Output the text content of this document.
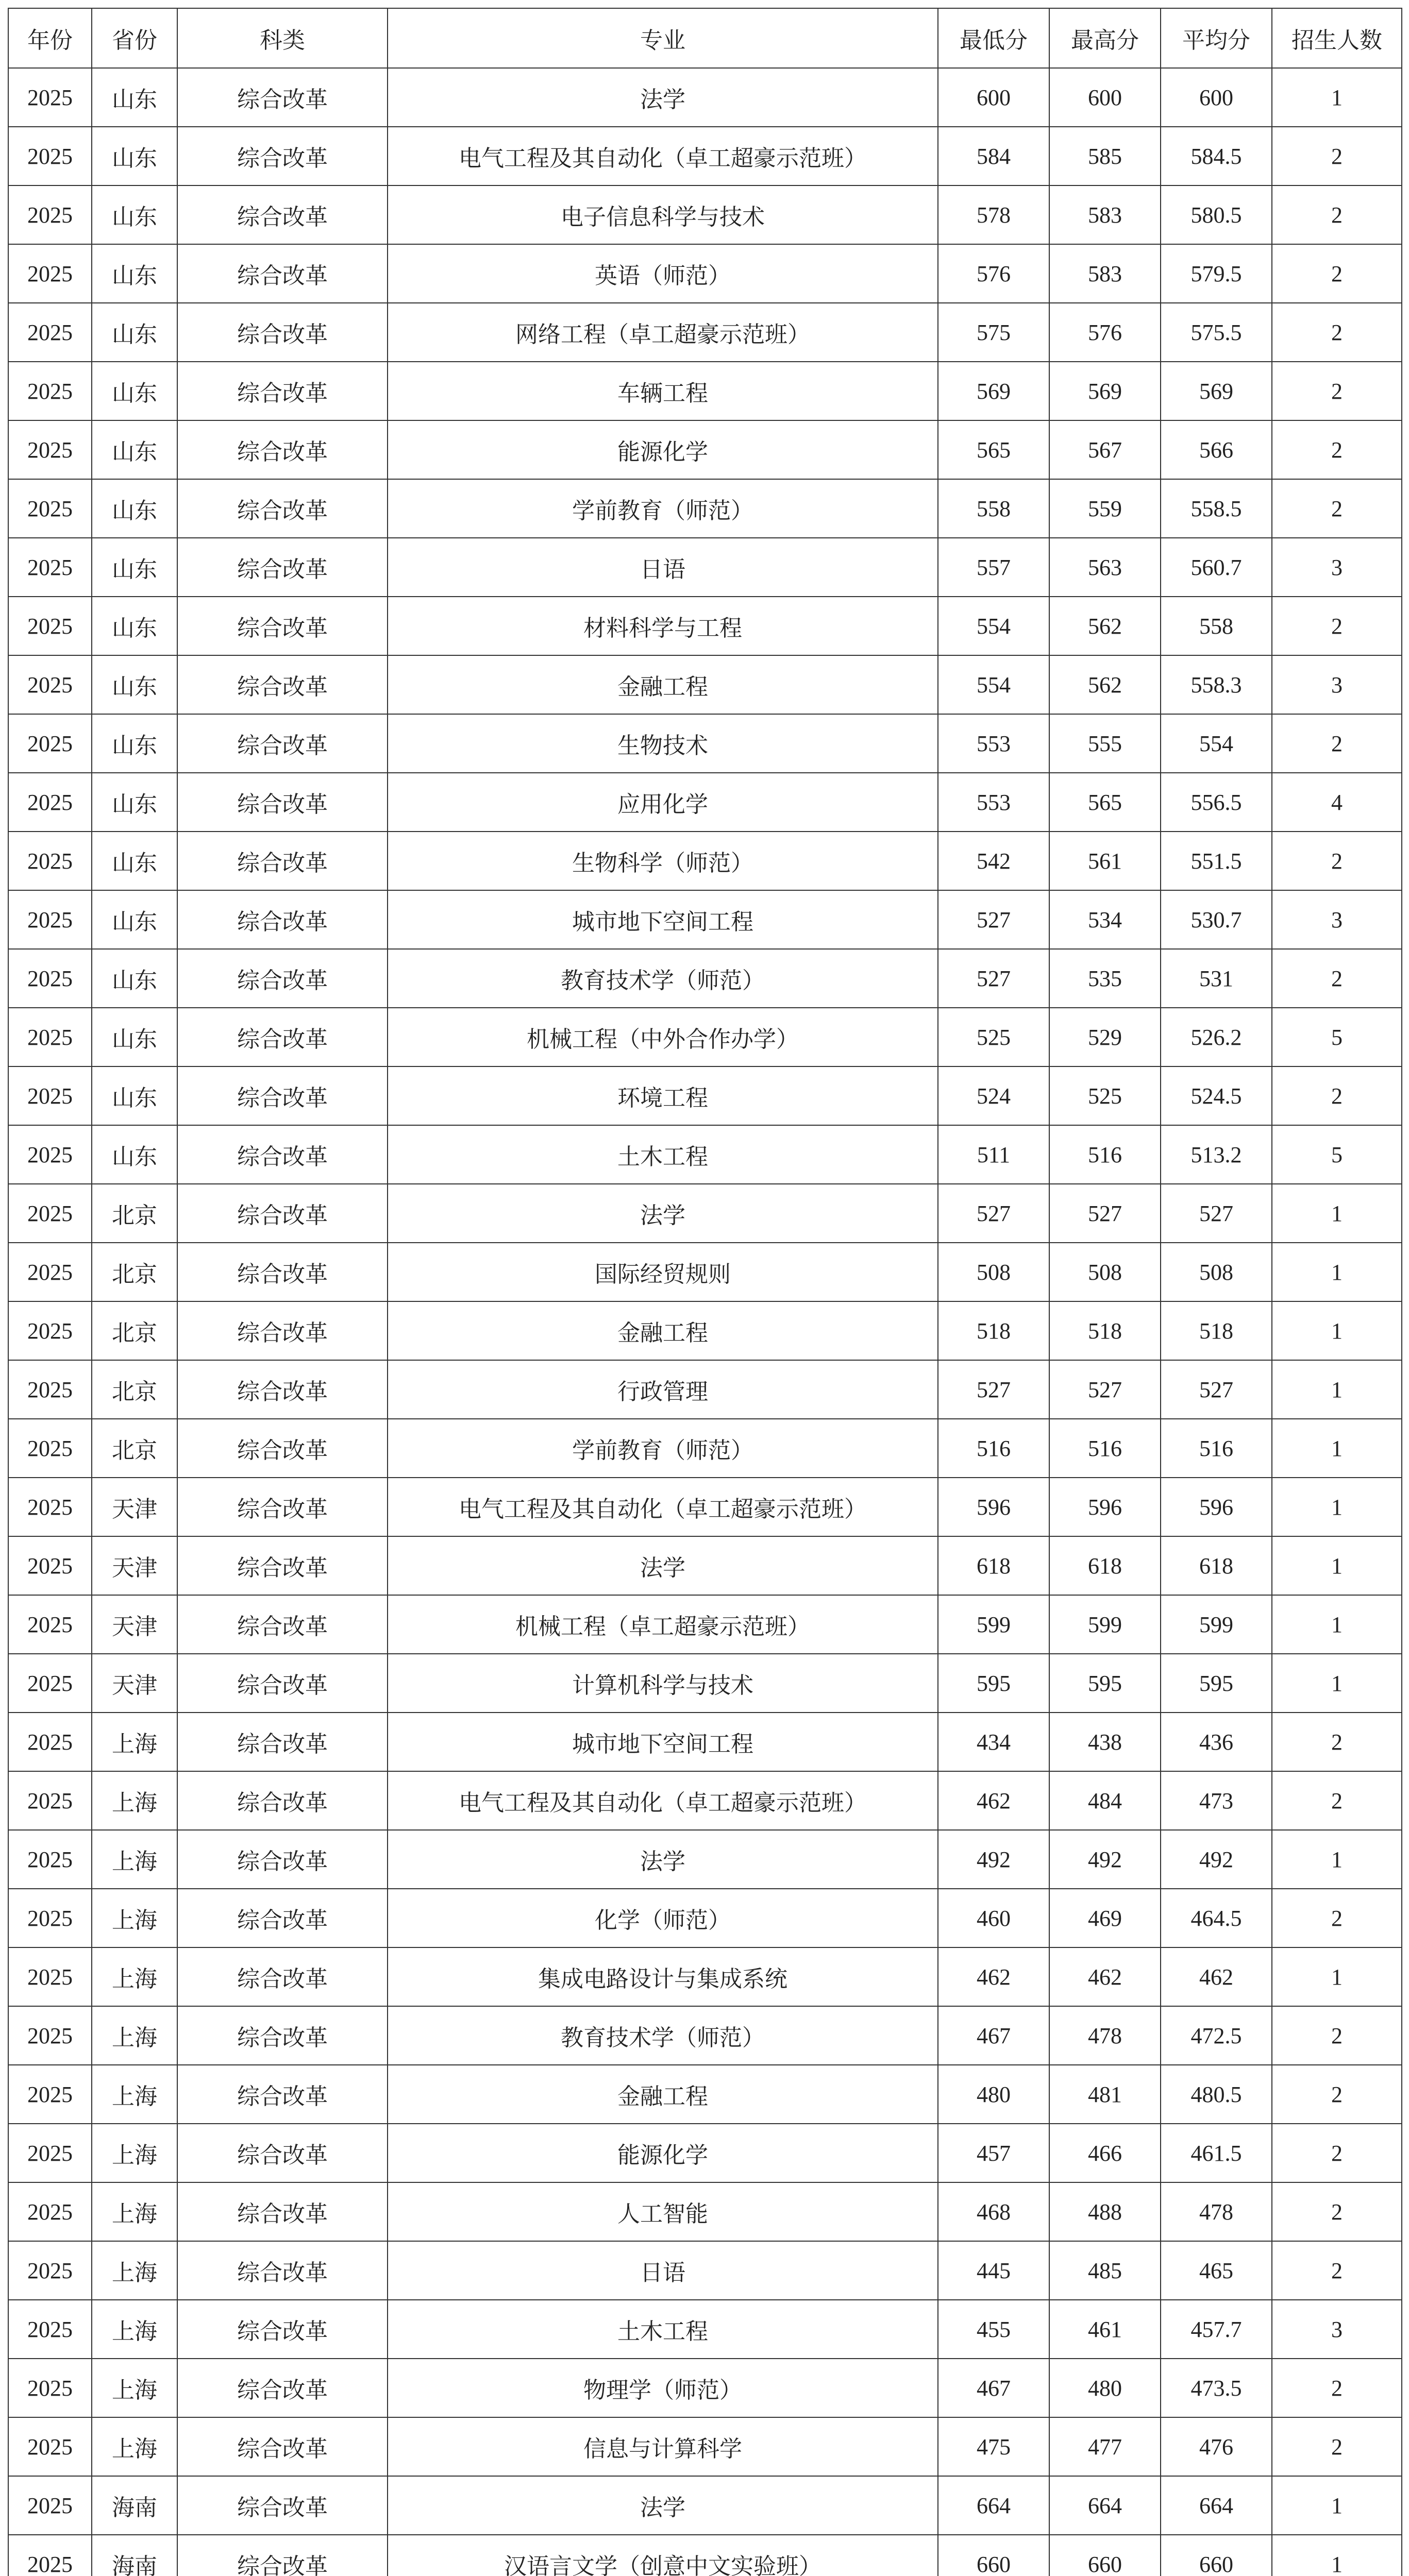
年份	省份	科类	专业	最低分	最高分	平均分	招生人数
2025	山东	综合改革	法学	600	600	600	1
2025	山东	综合改革	电气工程及其自动化（卓工超豪示范班）	584	585	584.5	2
2025	山东	综合改革	电子信息科学与技术	578	583	580.5	2
2025	山东	综合改革	英语（师范）	576	583	579.5	2
2025	山东	综合改革	网络工程（卓工超豪示范班）	575	576	575.5	2
2025	山东	综合改革	车辆工程	569	569	569	2
2025	山东	综合改革	能源化学	565	567	566	2
2025	山东	综合改革	学前教育（师范）	558	559	558.5	2
2025	山东	综合改革	日语	557	563	560.7	3
2025	山东	综合改革	材料科学与工程	554	562	558	2
2025	山东	综合改革	金融工程	554	562	558.3	3
2025	山东	综合改革	生物技术	553	555	554	2
2025	山东	综合改革	应用化学	553	565	556.5	4
2025	山东	综合改革	生物科学（师范）	542	561	551.5	2
2025	山东	综合改革	城市地下空间工程	527	534	530.7	3
2025	山东	综合改革	教育技术学（师范）	527	535	531	2
2025	山东	综合改革	机械工程（中外合作办学）	525	529	526.2	5
2025	山东	综合改革	环境工程	524	525	524.5	2
2025	山东	综合改革	土木工程	511	516	513.2	5
2025	北京	综合改革	法学	527	527	527	1
2025	北京	综合改革	国际经贸规则	508	508	508	1
2025	北京	综合改革	金融工程	518	518	518	1
2025	北京	综合改革	行政管理	527	527	527	1
2025	北京	综合改革	学前教育（师范）	516	516	516	1
2025	天津	综合改革	电气工程及其自动化（卓工超豪示范班）	596	596	596	1
2025	天津	综合改革	法学	618	618	618	1
2025	天津	综合改革	机械工程（卓工超豪示范班）	599	599	599	1
2025	天津	综合改革	计算机科学与技术	595	595	595	1
2025	上海	综合改革	城市地下空间工程	434	438	436	2
2025	上海	综合改革	电气工程及其自动化（卓工超豪示范班）	462	484	473	2
2025	上海	综合改革	法学	492	492	492	1
2025	上海	综合改革	化学（师范）	460	469	464.5	2
2025	上海	综合改革	集成电路设计与集成系统	462	462	462	1
2025	上海	综合改革	教育技术学（师范）	467	478	472.5	2
2025	上海	综合改革	金融工程	480	481	480.5	2
2025	上海	综合改革	能源化学	457	466	461.5	2
2025	上海	综合改革	人工智能	468	488	478	2
2025	上海	综合改革	日语	445	485	465	2
2025	上海	综合改革	土木工程	455	461	457.7	3
2025	上海	综合改革	物理学（师范）	467	480	473.5	2
2025	上海	综合改革	信息与计算科学	475	477	476	2
2025	海南	综合改革	法学	664	664	664	1
2025	海南	综合改革	汉语言文学（创意中文实验班）	660	660	660	1
